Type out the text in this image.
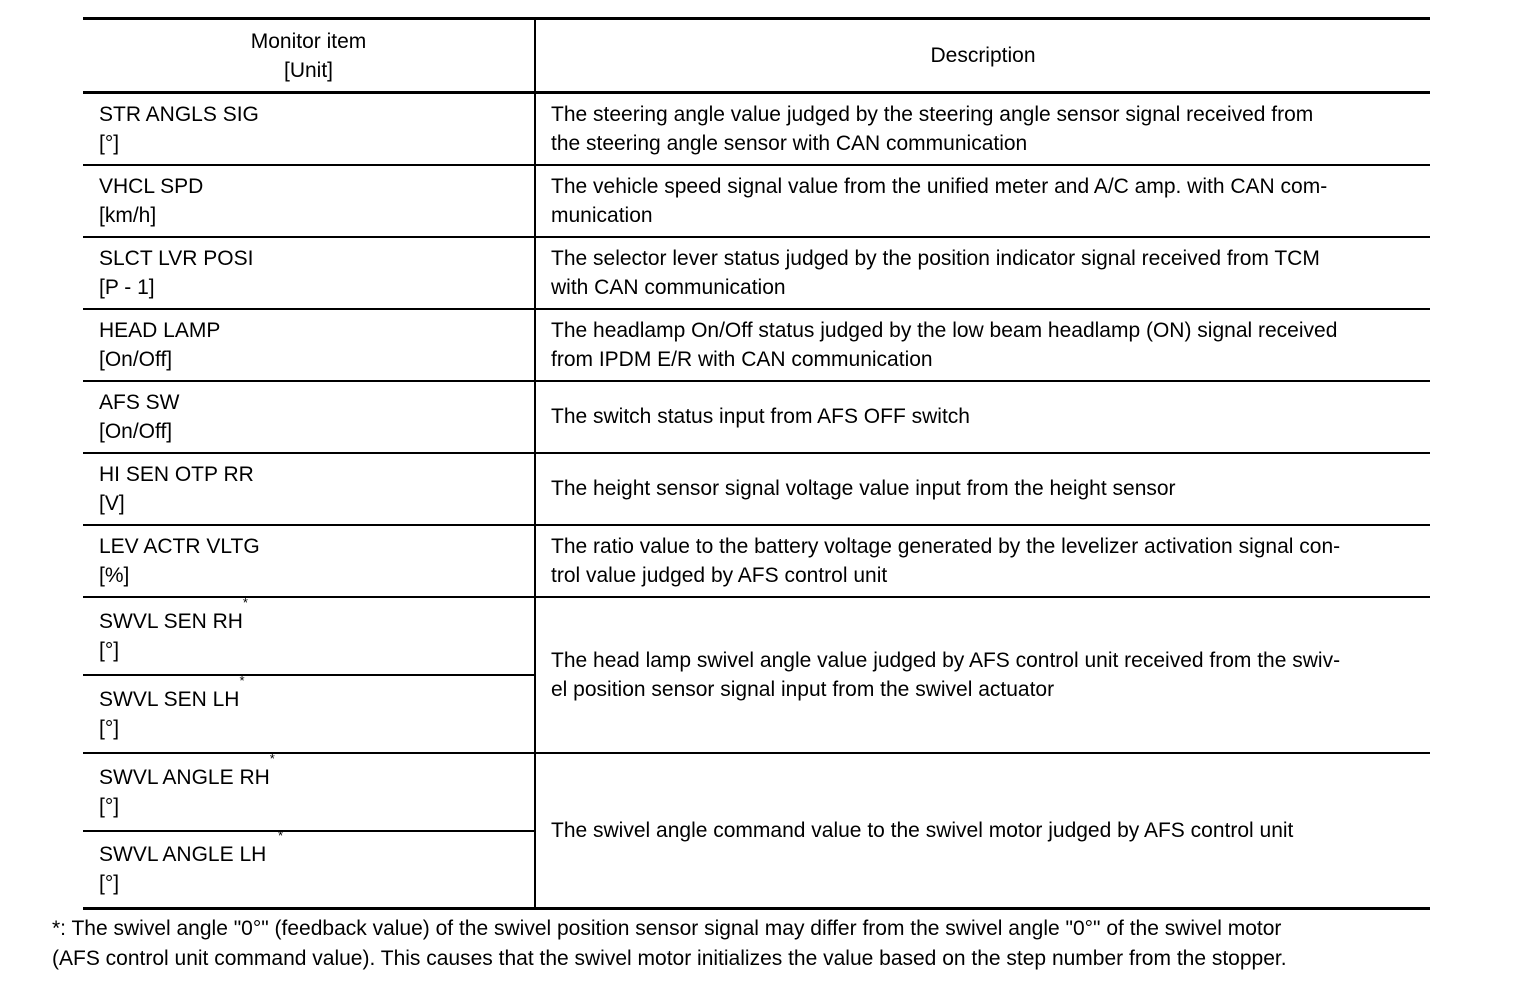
Monitor item
[Unit]	Description

STR ANGLS SIG
[°]	The steering angle value judged by the steering angle sensor signal received from
the steering angle sensor with CAN communication

VHCL SPD
[km/h]	The vehicle speed signal value from the unified meter and A/C amp. with CAN com-
munication

SLCT LVR POSI
[P - 1]	The selector lever status judged by the position indicator signal received from TCM
with CAN communication

HEAD LAMP
[On/Off]	The headlamp On/Off status judged by the low beam headlamp (ON) signal received
from IPDM E/R with CAN communication

AFS SW
[On/Off]	The switch status input from AFS OFF switch

HI SEN OTP RR
[V]	The height sensor signal voltage value input from the height sensor

LEV ACTR VLTG
[%]	The ratio value to the battery voltage generated by the levelizer activation signal con-
trol value judged by AFS control unit

SWVL SEN RH*
[°]	The head lamp swivel angle value judged by AFS control unit received from the swiv-
el position sensor signal input from the swivel actuator

SWVL SEN LH*
[°]	

SWVL ANGLE RH*
[°]	The swivel angle command value to the swivel motor judged by AFS control unit

SWVL ANGLE LH  *
[°]	
*: The swivel angle "0°" (feedback value) of the swivel position sensor signal may differ from the swivel angle "0°" of the swivel motor
(AFS control unit command value). This causes that the swivel motor initializes the value based on the step number from the stopper.
